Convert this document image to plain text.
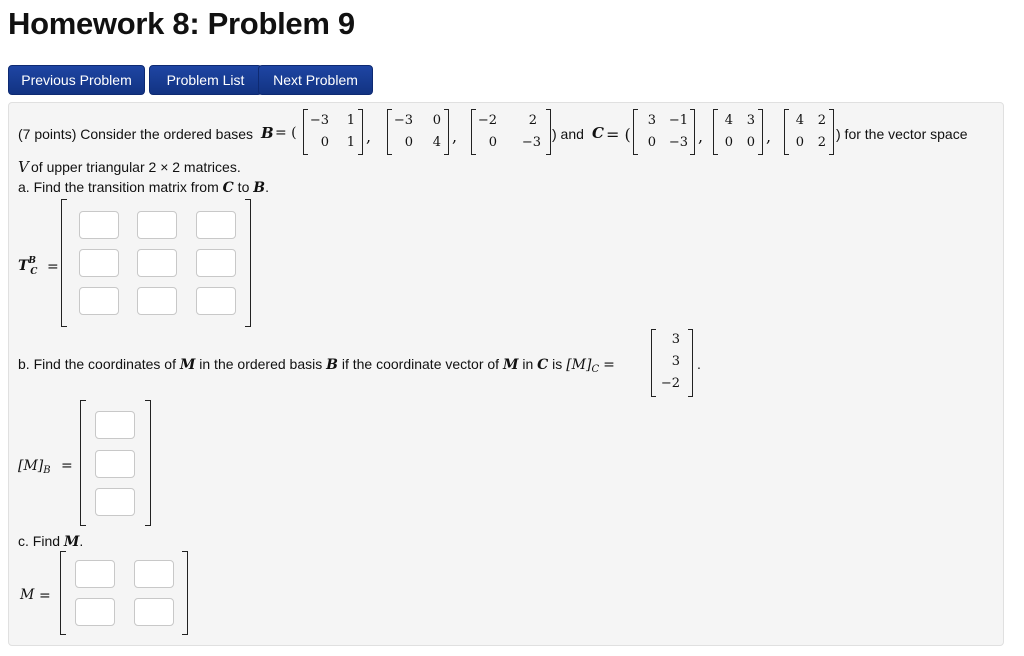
Homework 8: Problem 9
Previous Problem	Problem List	Next Problem
(7 points) Consider the ordered bases B = (
−3	1
0	1 ,
−3	0
0	4 ,
−2	2
0 −3
) and C = (
3 −1
0 −3 ,
4	3
0	0 ,
4	2
0	2
) for the vector space
V of upper triangular 2 × 2 matrices.
a. Find the transition matrix from C to B.
$T^B_C$ =
b. Find the coordinates of M in the ordered basis B if the coordinate vector of M in C is $[M]_C$ =
3
3
−2
.
$[M]_B$ =
c. Find M.
M =
